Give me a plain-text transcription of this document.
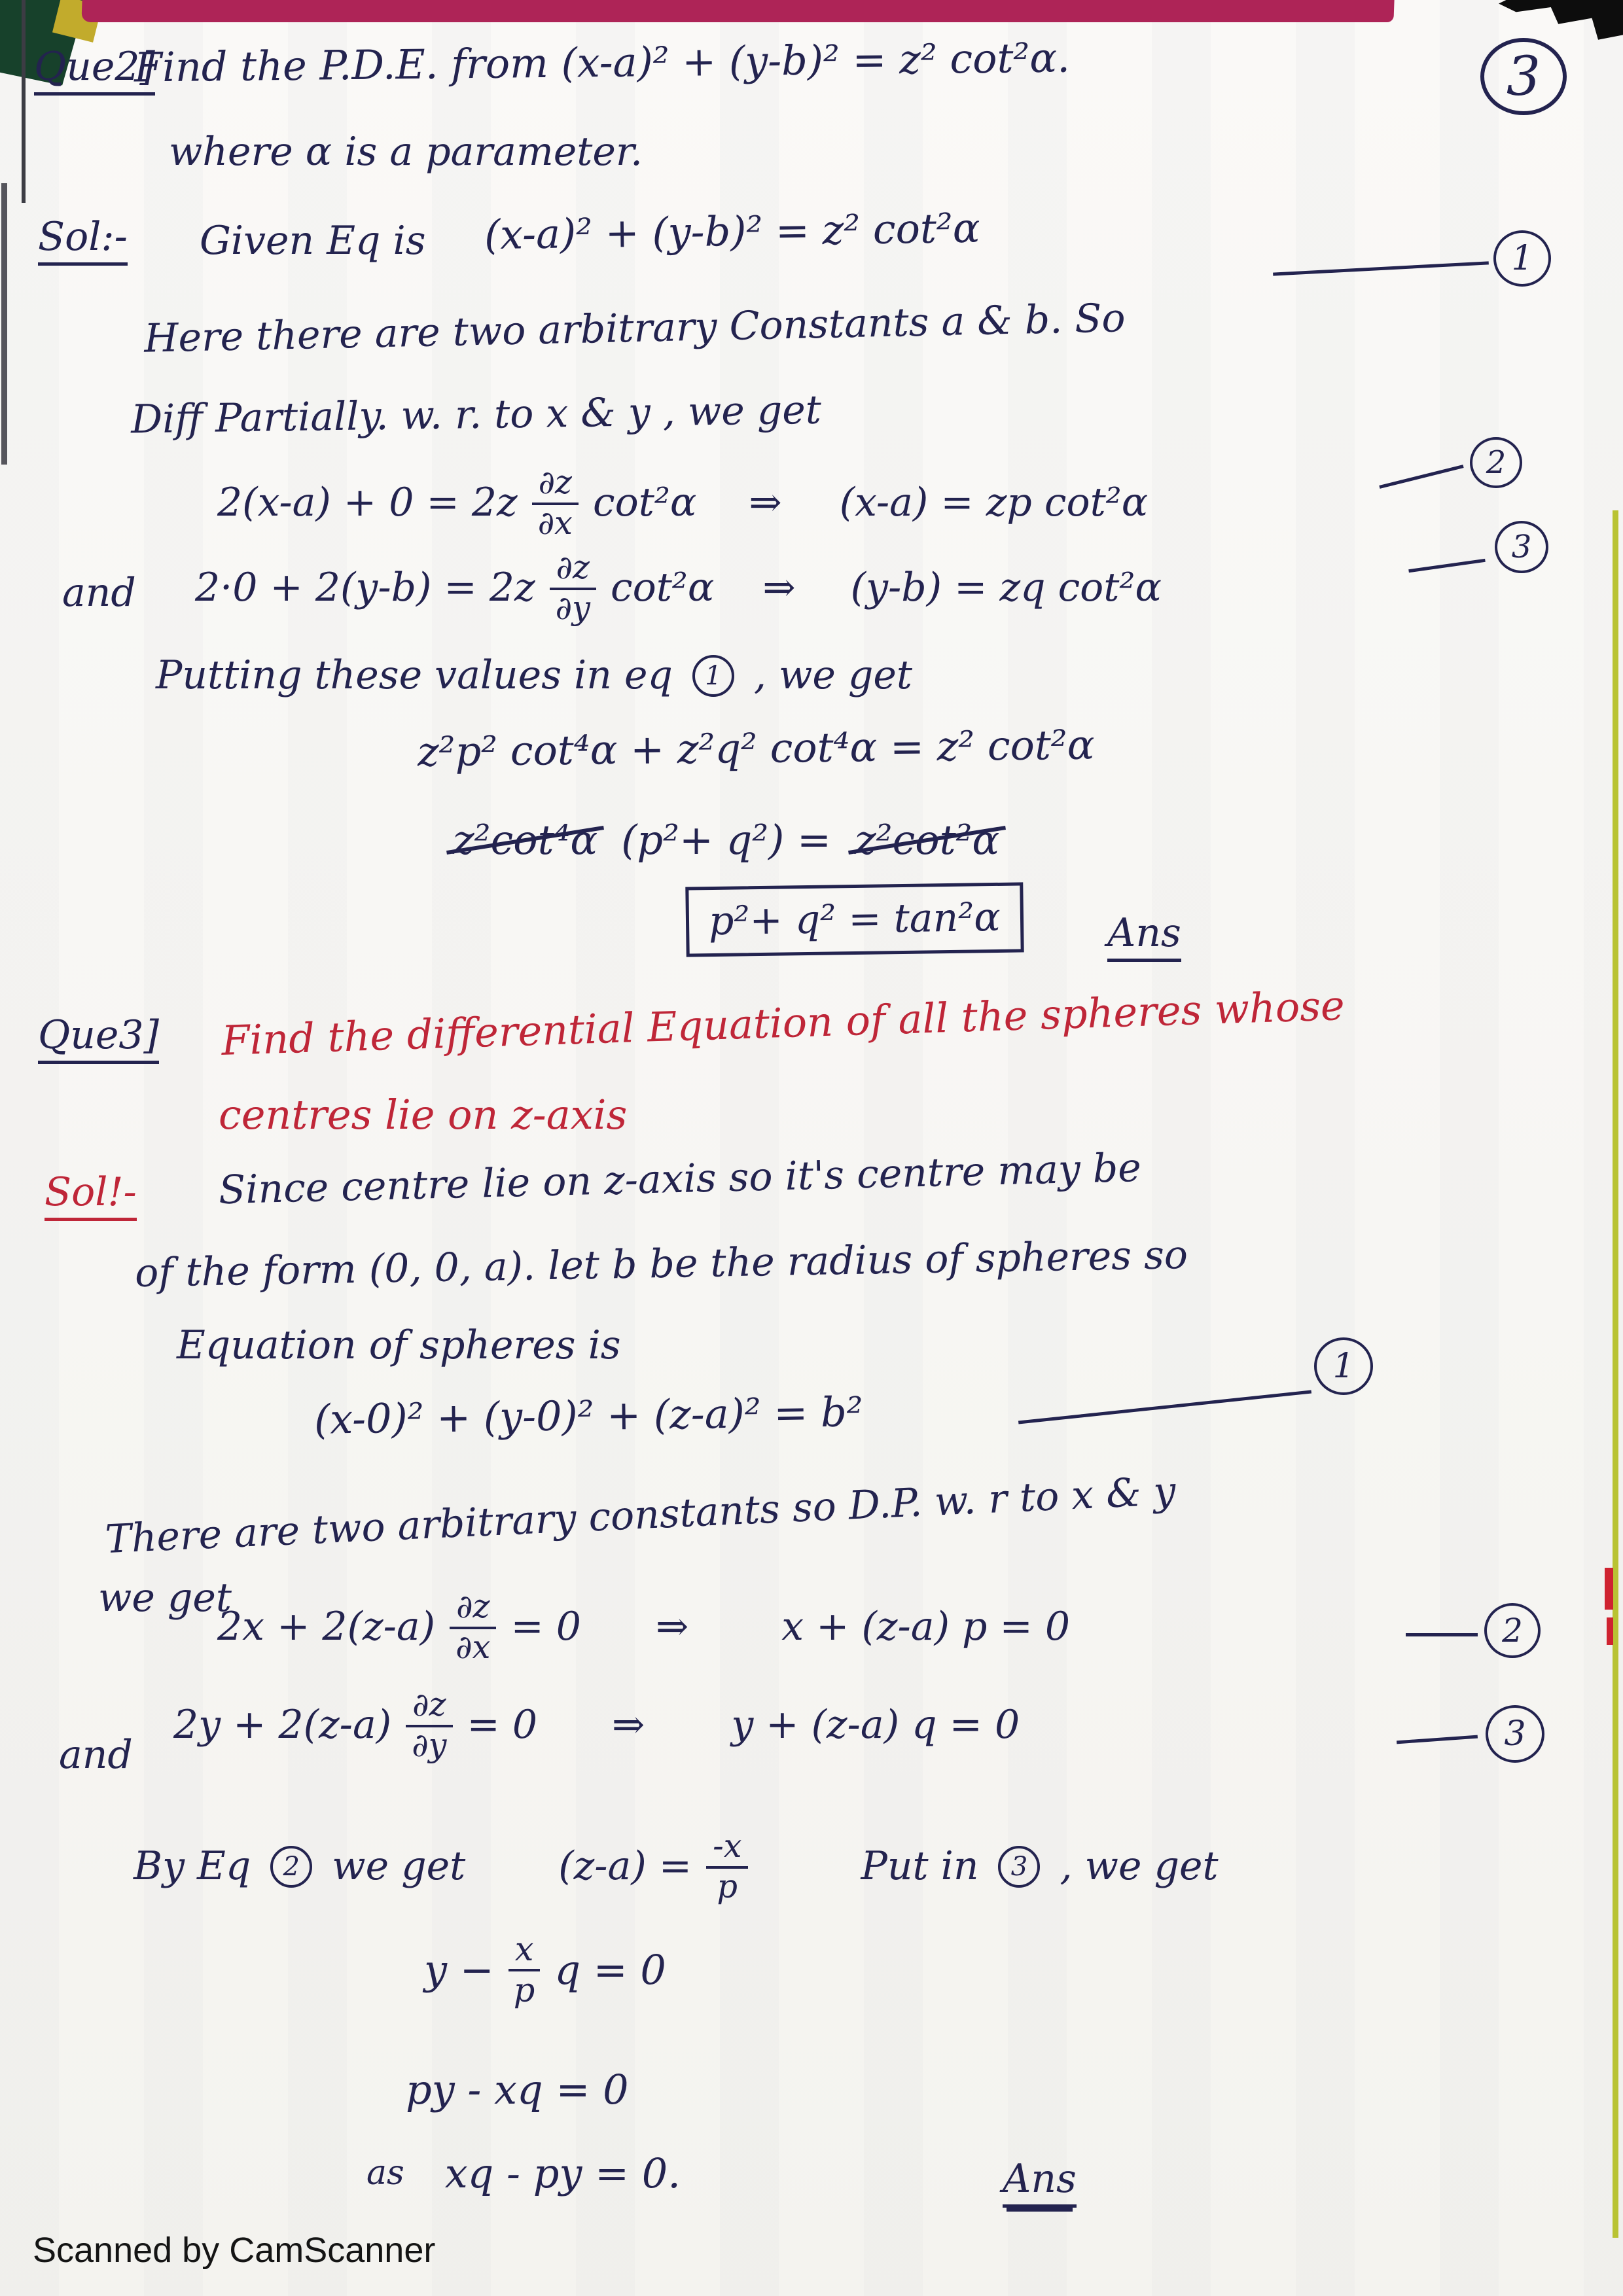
3
Que2]
Find the P.D.E. from (x-a)² + (y-b)² = z² cot²α.
where α is a parameter.
Sol:- Given Eq is (x-a)² + (y-b)² = z² cot²α	1
Here there are two arbitrary Constants a & b. So
Diff Partially. w. r. to x & y , we get
$2(x-a) + 0 = 2z \frac{\partial z}{\partial x} \cot^2\alpha$ ⇒ (x-a) = zp cot²α
2
and $2\cdot 0 + 2(y-b) = 2z \frac{\partial z}{\partial y} \cot^2\alpha$ ⇒ (y-b) = zq cot²α
3
Putting these values in eq	1 , we get
z²p² cot⁴α + z²q² cot⁴α = z² cot²α
z²cot⁴α (p²+ q²) = z²cot²α
p²+ q² = tan²α	Ans
Que3] Find the differential Equation of all the spheres whose
centres lie on z-axis
Sol!- Since centre lie on z-axis so it's centre may be
of the form (0, 0, a). let b be the radius of spheres so
Equation of spheres is
(x-0)² + (y-0)² + (z-a)² = b²
1
There are two arbitrary constants so D.P. w. r to x & y
we get
$2x + 2(z-a) \frac{\partial z}{\partial x} = 0$ ⇒ x + (z-a) p = 0	2
and
$2y + 2(z-a) \frac{\partial z}{\partial y} = 0$ ⇒ y + (z-a) q = 0	3
By Eq	2 we get $(z-a) = \frac{-x}{p}$	Put in	3 , we get
$y - \frac{x}{p}$ q = 0
py - xq = 0
as xq - py = 0.	Ans
Scanned by CamScanner
